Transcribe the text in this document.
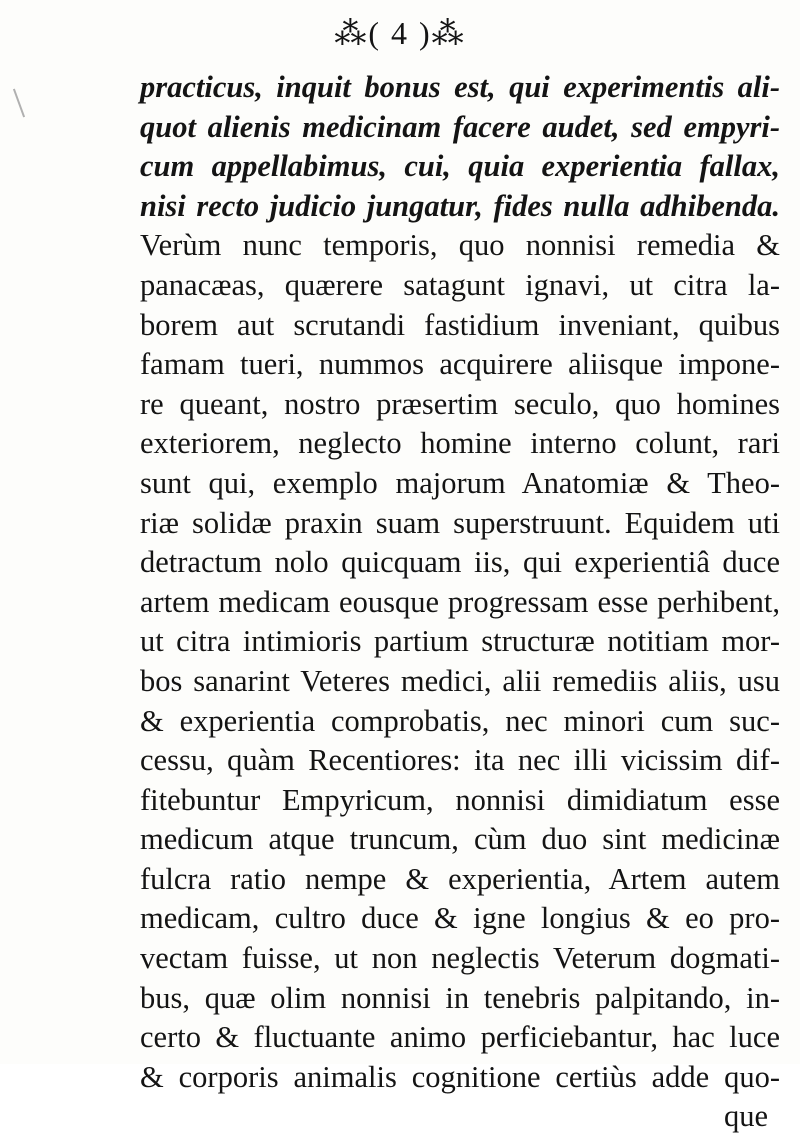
⁂( 4 )⁂
practicus, inquit bonus est, qui experimentis ali-
quot alienis medicinam facere audet, sed empyri-
cum appellabimus, cui, quia experientia fallax,
nisi recto judicio jungatur, fides nulla adhibenda.
Verùm nunc temporis, quo nonnisi remedia &
panacæas, quærere satagunt ignavi, ut citra la-
borem aut scrutandi fastidium inveniant, quibus
famam tueri, nummos acquirere aliisque impone-
re queant, nostro præsertim seculo, quo homines
exteriorem, neglecto homine interno colunt, rari
sunt qui, exemplo majorum Anatomiæ & Theo-
riæ solidæ praxin suam superstruunt. Equidem uti
detractum nolo quicquam iis, qui experientiâ duce
artem medicam eousque progressam esse perhibent,
ut citra intimioris partium structuræ notitiam mor-
bos sanarint Veteres medici, alii remediis aliis, usu
& experientia comprobatis, nec minori cum suc-
cessu, quàm Recentiores: ita nec illi vicissim dif-
fitebuntur Empyricum, nonnisi dimidiatum esse
medicum atque truncum, cùm duo sint medicinæ
fulcra ratio nempe & experientia, Artem autem
medicam, cultro duce & igne longius & eo pro-
vectam fuisse, ut non neglectis Veterum dogmati-
bus, quæ olim nonnisi in tenebris palpitando, in-
certo & fluctuante animo perficiebantur, hac luce
& corporis animalis cognitione certiùs adde quo-
que
